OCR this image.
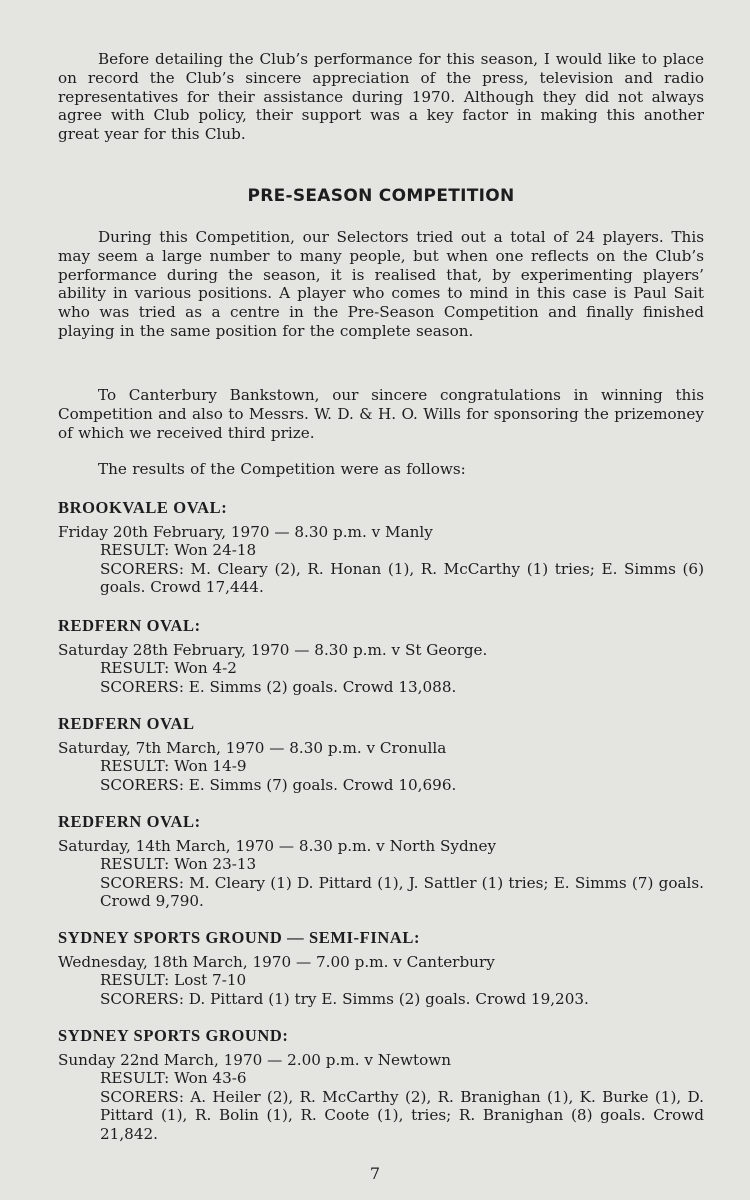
Before detailing the Club’s performance for this season, I would like to place on record the Club’s sincere appreciation of the press, television and radio representatives for their assistance during 1970. Although they did not always agree with Club policy, their support was a key factor in making this another great year for this Club.

PRE-SEASON COMPETITION

During this Competition, our Selectors tried out a total of 24 players. This may seem a large number to many people, but when one reflects on the Club’s performance during the season, it is realised that, by experimenting players’ ability in various positions. A player who comes to mind in this case is Paul Sait who was tried as a centre in the Pre-Season Competition and finally finished playing in the same position for the complete season.

To Canterbury Bankstown, our sincere congratulations in winning this Competition and also to Messrs. W. D. & H. O. Wills for sponsoring the prizemoney of which we received third prize.

The results of the Competition were as follows:

BROOKVALE OVAL:
Friday 20th February, 1970 — 8.30 p.m. v Manly
RESULT: Won 24-18
SCORERS: M. Cleary (2), R. Honan (1), R. McCarthy (1) tries; E. Simms (6) goals. Crowd 17,444.
REDFERN OVAL:
Saturday 28th February, 1970 — 8.30 p.m. v St George.
RESULT: Won 4-2
SCORERS: E. Simms (2) goals. Crowd 13,088.
REDFERN OVAL
Saturday, 7th March, 1970 — 8.30 p.m. v Cronulla
RESULT: Won 14-9
SCORERS: E. Simms (7) goals. Crowd 10,696.
REDFERN OVAL:
Saturday, 14th March, 1970 — 8.30 p.m. v North Sydney
RESULT: Won 23-13
SCORERS: M. Cleary (1) D. Pittard (1), J. Sattler (1) tries; E. Simms (7) goals. Crowd 9,790.
SYDNEY SPORTS GROUND — SEMI-FINAL:
Wednesday, 18th March, 1970 — 7.00 p.m. v Canterbury
RESULT: Lost 7-10
SCORERS: D. Pittard (1) try E. Simms (2) goals. Crowd 19,203.
SYDNEY SPORTS GROUND:
Sunday 22nd March, 1970 — 2.00 p.m. v Newtown
RESULT: Won 43-6
SCORERS: A. Heiler (2), R. McCarthy (2), R. Branighan (1), K. Burke (1), D. Pittard (1), R. Bolin (1), R. Coote (1), tries; R. Branighan (8) goals. Crowd 21,842.
7
